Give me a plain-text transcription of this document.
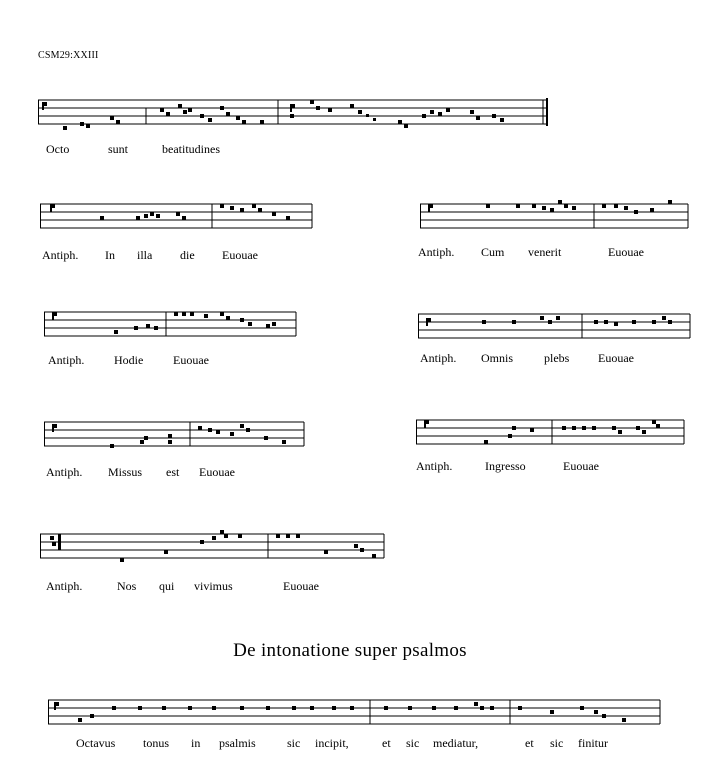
CSM29:XXIII
Octo	sunt	beatitudines
Antiph. In illa die Euouae	Antiph. Cum venerit	Euouae
Antiph. Hodie Euouae	Antiph. Omnis	plebs Euouae
Antiph. Missus est Euouae	Antiph.	Ingresso	Euouae
Antiph.	Nos qui vivimus	Euouae
De intonatione super psalmos
Octavus tonus in psalmis	sic incipit,	et sic mediatur,	et sic finitur
